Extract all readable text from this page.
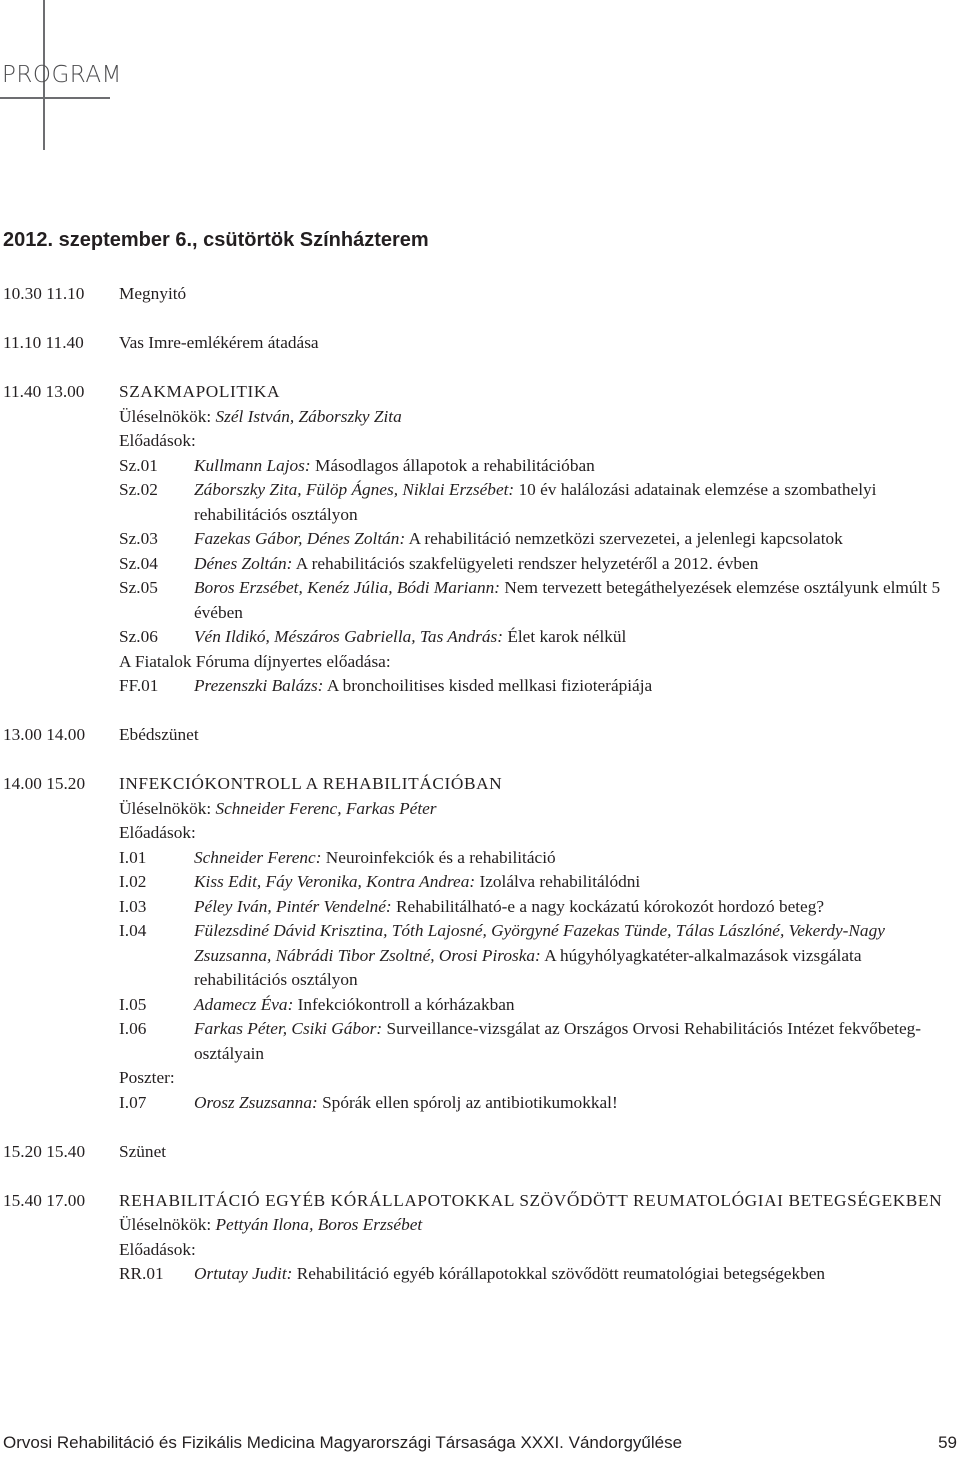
PROGRAM
2012. szeptember 6., csütörtök Színházterem
10.30 11.10	Megnyitó
11.10 11.40	Vas Imre-emlékérem átadása
11.40 13.00	SZAKMAPOLITIKA
Üléselnökök: Szél István, Záborszky Zita
Előadások:
Sz.01	Kullmann Lajos: Másodlagos állapotok a rehabilitációban
Sz.02	Záborszky Zita, Fülöp Ágnes, Niklai Erzsébet: 10 év halálozási adatainak elemzése a szombathelyi rehabilitációs osztályon
Sz.03	Fazekas Gábor, Dénes Zoltán: A rehabilitáció nemzetközi szervezetei, a jelenlegi kapcsolatok
Sz.04	Dénes Zoltán: A rehabilitációs szakfelügyeleti rendszer helyzetéről a 2012. évben
Sz.05	Boros Erzsébet, Kenéz Júlia, Bódi Mariann: Nem tervezett betegáthelyezések elemzése osztályunk elmúlt 5 évében
Sz.06	Vén Ildikó, Mészáros Gabriella, Tas András: Élet karok nélkül
A Fiatalok Fóruma díjnyertes előadása:
FF.01	Prezenszki Balázs: A bronchoilitises kisded mellkasi fizioterápiája
13.00 14.00	Ebédszünet
14.00 15.20	INFEKCIÓKONTROLL A REHABILITÁCIÓBAN
Üléselnökök: Schneider Ferenc, Farkas Péter
Előadások:
I.01	Schneider Ferenc: Neuroinfekciók és a rehabilitáció
I.02	Kiss Edit, Fáy Veronika, Kontra Andrea: Izolálva rehabilitálódni
I.03	Péley Iván, Pintér Vendelné: Rehabilitálható-e a nagy kockázatú kórokozót hordozó beteg?
I.04	Fülezsdiné Dávid Krisztina, Tóth Lajosné, Györgyné Fazekas Tünde, Tálas Lászlóné, Vekerdy-Nagy Zsuzsanna, Nábrádi Tibor Zsoltné, Orosi Piroska: A húgyhólyagkatéter-alkalmazások vizsgálata rehabilitációs osztályon
I.05	Adamecz Éva: Infekciókontroll a kórházakban
I.06	Farkas Péter, Csiki Gábor: Surveillance-vizsgálat az Országos Orvosi Rehabilitációs Intézet fekvőbeteg-osztályain
Poszter:
I.07	Orosz Zsuzsanna: Spórák ellen spórolj az antibiotikumokkal!
15.20 15.40	Szünet
15.40 17.00	REHABILITÁCIÓ EGYÉB KÓRÁLLAPOTOKKAL SZÖVŐDÖTT REUMATOLÓGIAI BETEGSÉGEKBEN
Üléselnökök: Pettyán Ilona, Boros Erzsébet
Előadások:
RR.01	Ortutay Judit: Rehabilitáció egyéb kórállapotokkal szövődött reumatológiai betegségekben
Orvosi Rehabilitáció és Fizikális Medicina Magyarországi Társasága XXXI. Vándorgyűlése	59
